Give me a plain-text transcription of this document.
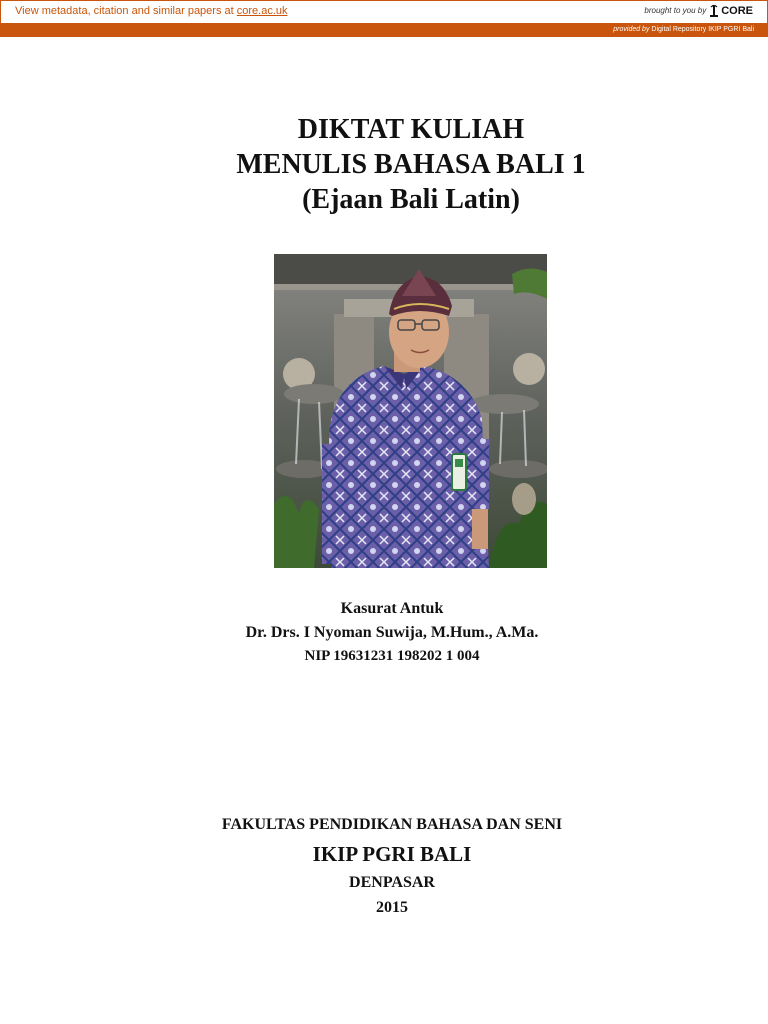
View metadata, citation and similar papers at core.ac.uk	brought to you by CORE
provided by Digital Repository IKIP PGRI Bali
DIKTAT KULIAH
MENULIS BAHASA BALI 1
(Ejaan Bali Latin)
Kasurat Antuk
Dr. Drs. I Nyoman Suwija, M.Hum., A.Ma.
NIP 19631231 198202 1 004
FAKULTAS PENDIDIKAN BAHASA DAN SENI
IKIP PGRI BALI
DENPASAR
2015
